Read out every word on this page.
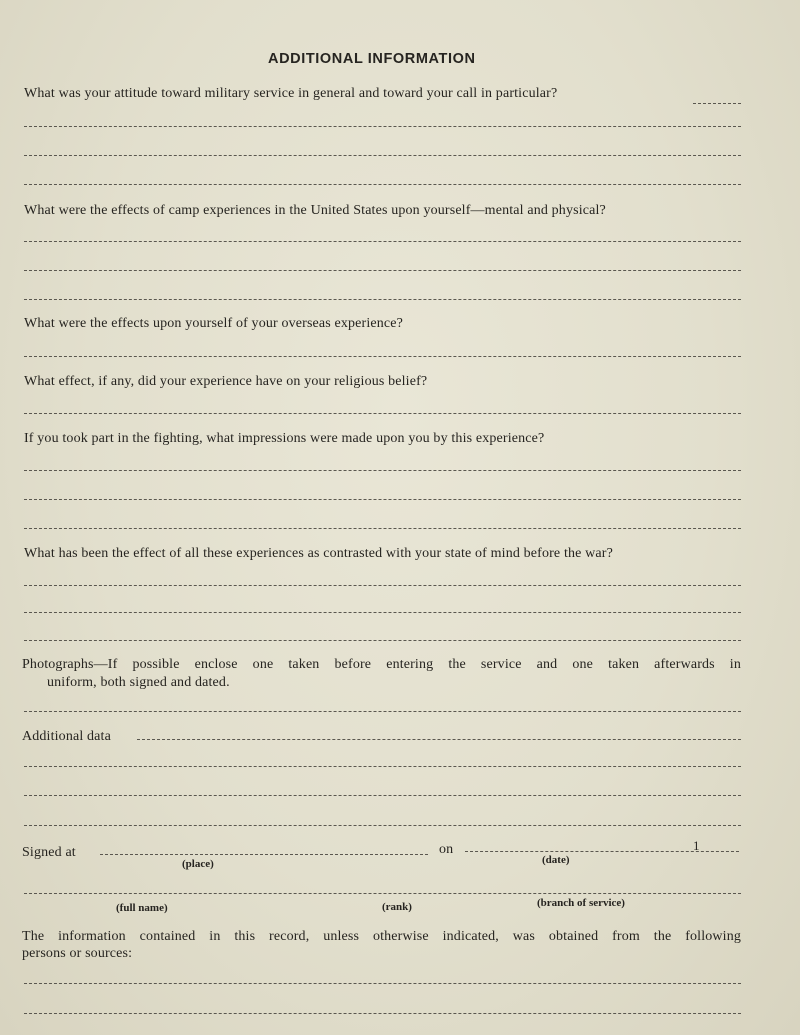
ADDITIONAL INFORMATION
What was your attitude toward military service in general and toward your call in particular?
What were the effects of camp experiences in the United States upon yourself—mental and physical?
What were the effects upon yourself of your overseas experience?
What effect, if any, did your experience have on your religious belief?
If you took part in the fighting, what impressions were made upon you by this experience?
What has been the effect of all these experiences as contrasted with your state of mind before the war?
Photographs—If possible enclose one taken before entering the service and one taken afterwards in
uniform, both signed and dated.
Additional data
Signed at	on	1
(place)	(date)
(full name)	(rank)	(branch of service)
The information contained in this record, unless otherwise indicated, was obtained from the following
persons or sources:
